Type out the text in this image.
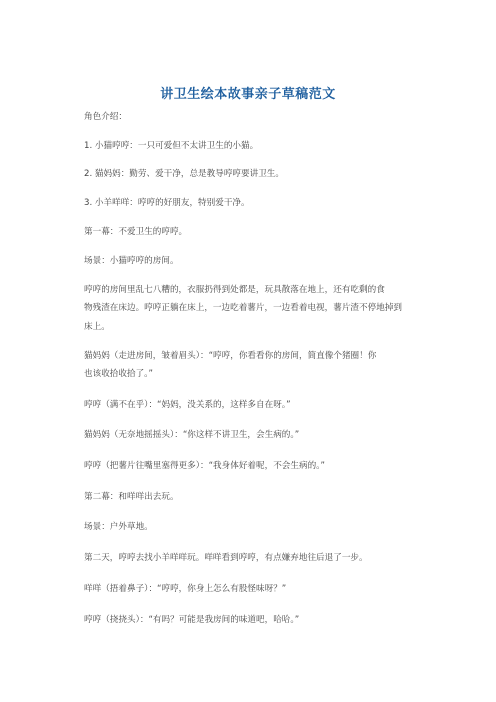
讲卫生绘本故事亲子草稿范文
角色介绍：
1. 小猫哼哼：一只可爱但不太讲卫生的小猫。
2. 猫妈妈：勤劳、爱干净，总是教导哼哼要讲卫生。
3. 小羊咩咩：哼哼的好朋友，特别爱干净。
第一幕：不爱卫生的哼哼。
场景：小猫哼哼的房间。
哼哼的房间里乱七八糟的，衣服扔得到处都是，玩具散落在地上，还有吃剩的食
物残渣在床边。哼哼正躺在床上，一边吃着薯片，一边看着电视，薯片渣不停地掉到
床上。
猫妈妈（走进房间，皱着眉头）：“哼哼，你看看你的房间，简直像个猪圈！你
也该收拾收拾了。”
哼哼（满不在乎）：“妈妈，没关系的，这样多自在呀。”
猫妈妈（无奈地摇摇头）：“你这样不讲卫生，会生病的。”
哼哼（把薯片往嘴里塞得更多）：“我身体好着呢，不会生病的。”
第二幕：和咩咩出去玩。
场景：户外草地。
第二天，哼哼去找小羊咩咩玩。咩咩看到哼哼，有点嫌弃地往后退了一步。
咩咩（捂着鼻子）：“哼哼，你身上怎么有股怪味呀？”
哼哼（挠挠头）：“有吗？可能是我房间的味道吧，哈哈。”
